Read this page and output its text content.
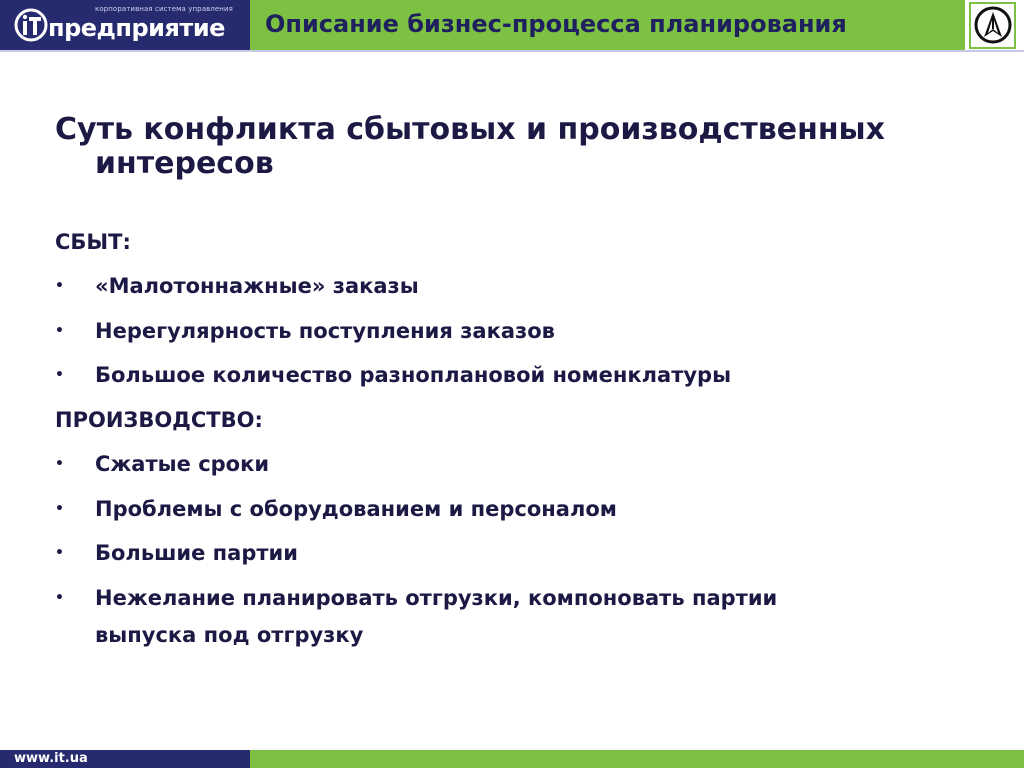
корпоративная система управления
предприятие Описание бизнес-процесса планирования
Суть конфликта сбытовых и производственных
интересов
СБЫТ:
•	«Малотоннажные» заказы
•	Нерегулярность поступления заказов
•	Большое количество разноплановой номенклатуры
ПРОИЗВОДСТВО:
•	Сжатые сроки
•	Проблемы с оборудованием и персоналом
•	Большие партии
•	Нежелание планировать отгрузки, компоновать партии выпуска под отгрузку
www.it.ua
